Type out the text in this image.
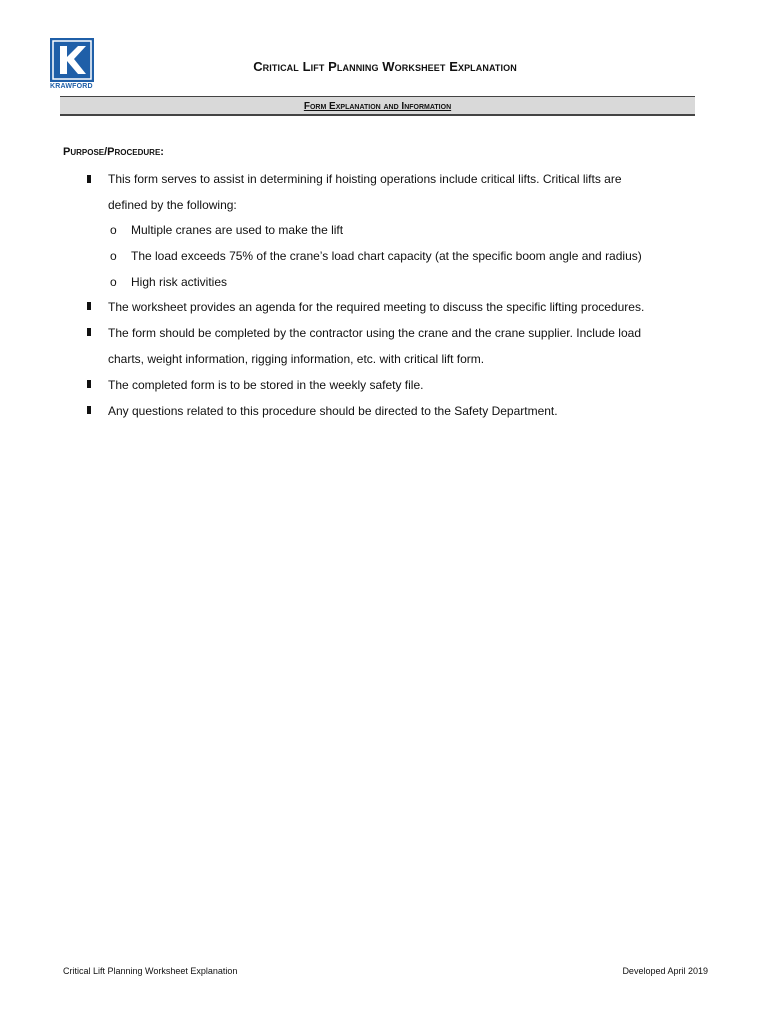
KRAWFORD
Critical Lift Planning Worksheet Explanation
Form Explanation and Information
Purpose/Procedure:
This form serves to assist in determining if hoisting operations include critical lifts. Critical lifts are
defined by the following:
o Multiple cranes are used to make the lift
o The load exceeds 75% of the crane’s load chart capacity (at the specific boom angle and radius)
o High risk activities
The worksheet provides an agenda for the required meeting to discuss the specific lifting procedures.
The form should be completed by the contractor using the crane and the crane supplier. Include load
charts, weight information, rigging information, etc. with critical lift form.
The completed form is to be stored in the weekly safety file.
Any questions related to this procedure should be directed to the Safety Department.
Critical Lift Planning Worksheet Explanation	Developed April 2019
